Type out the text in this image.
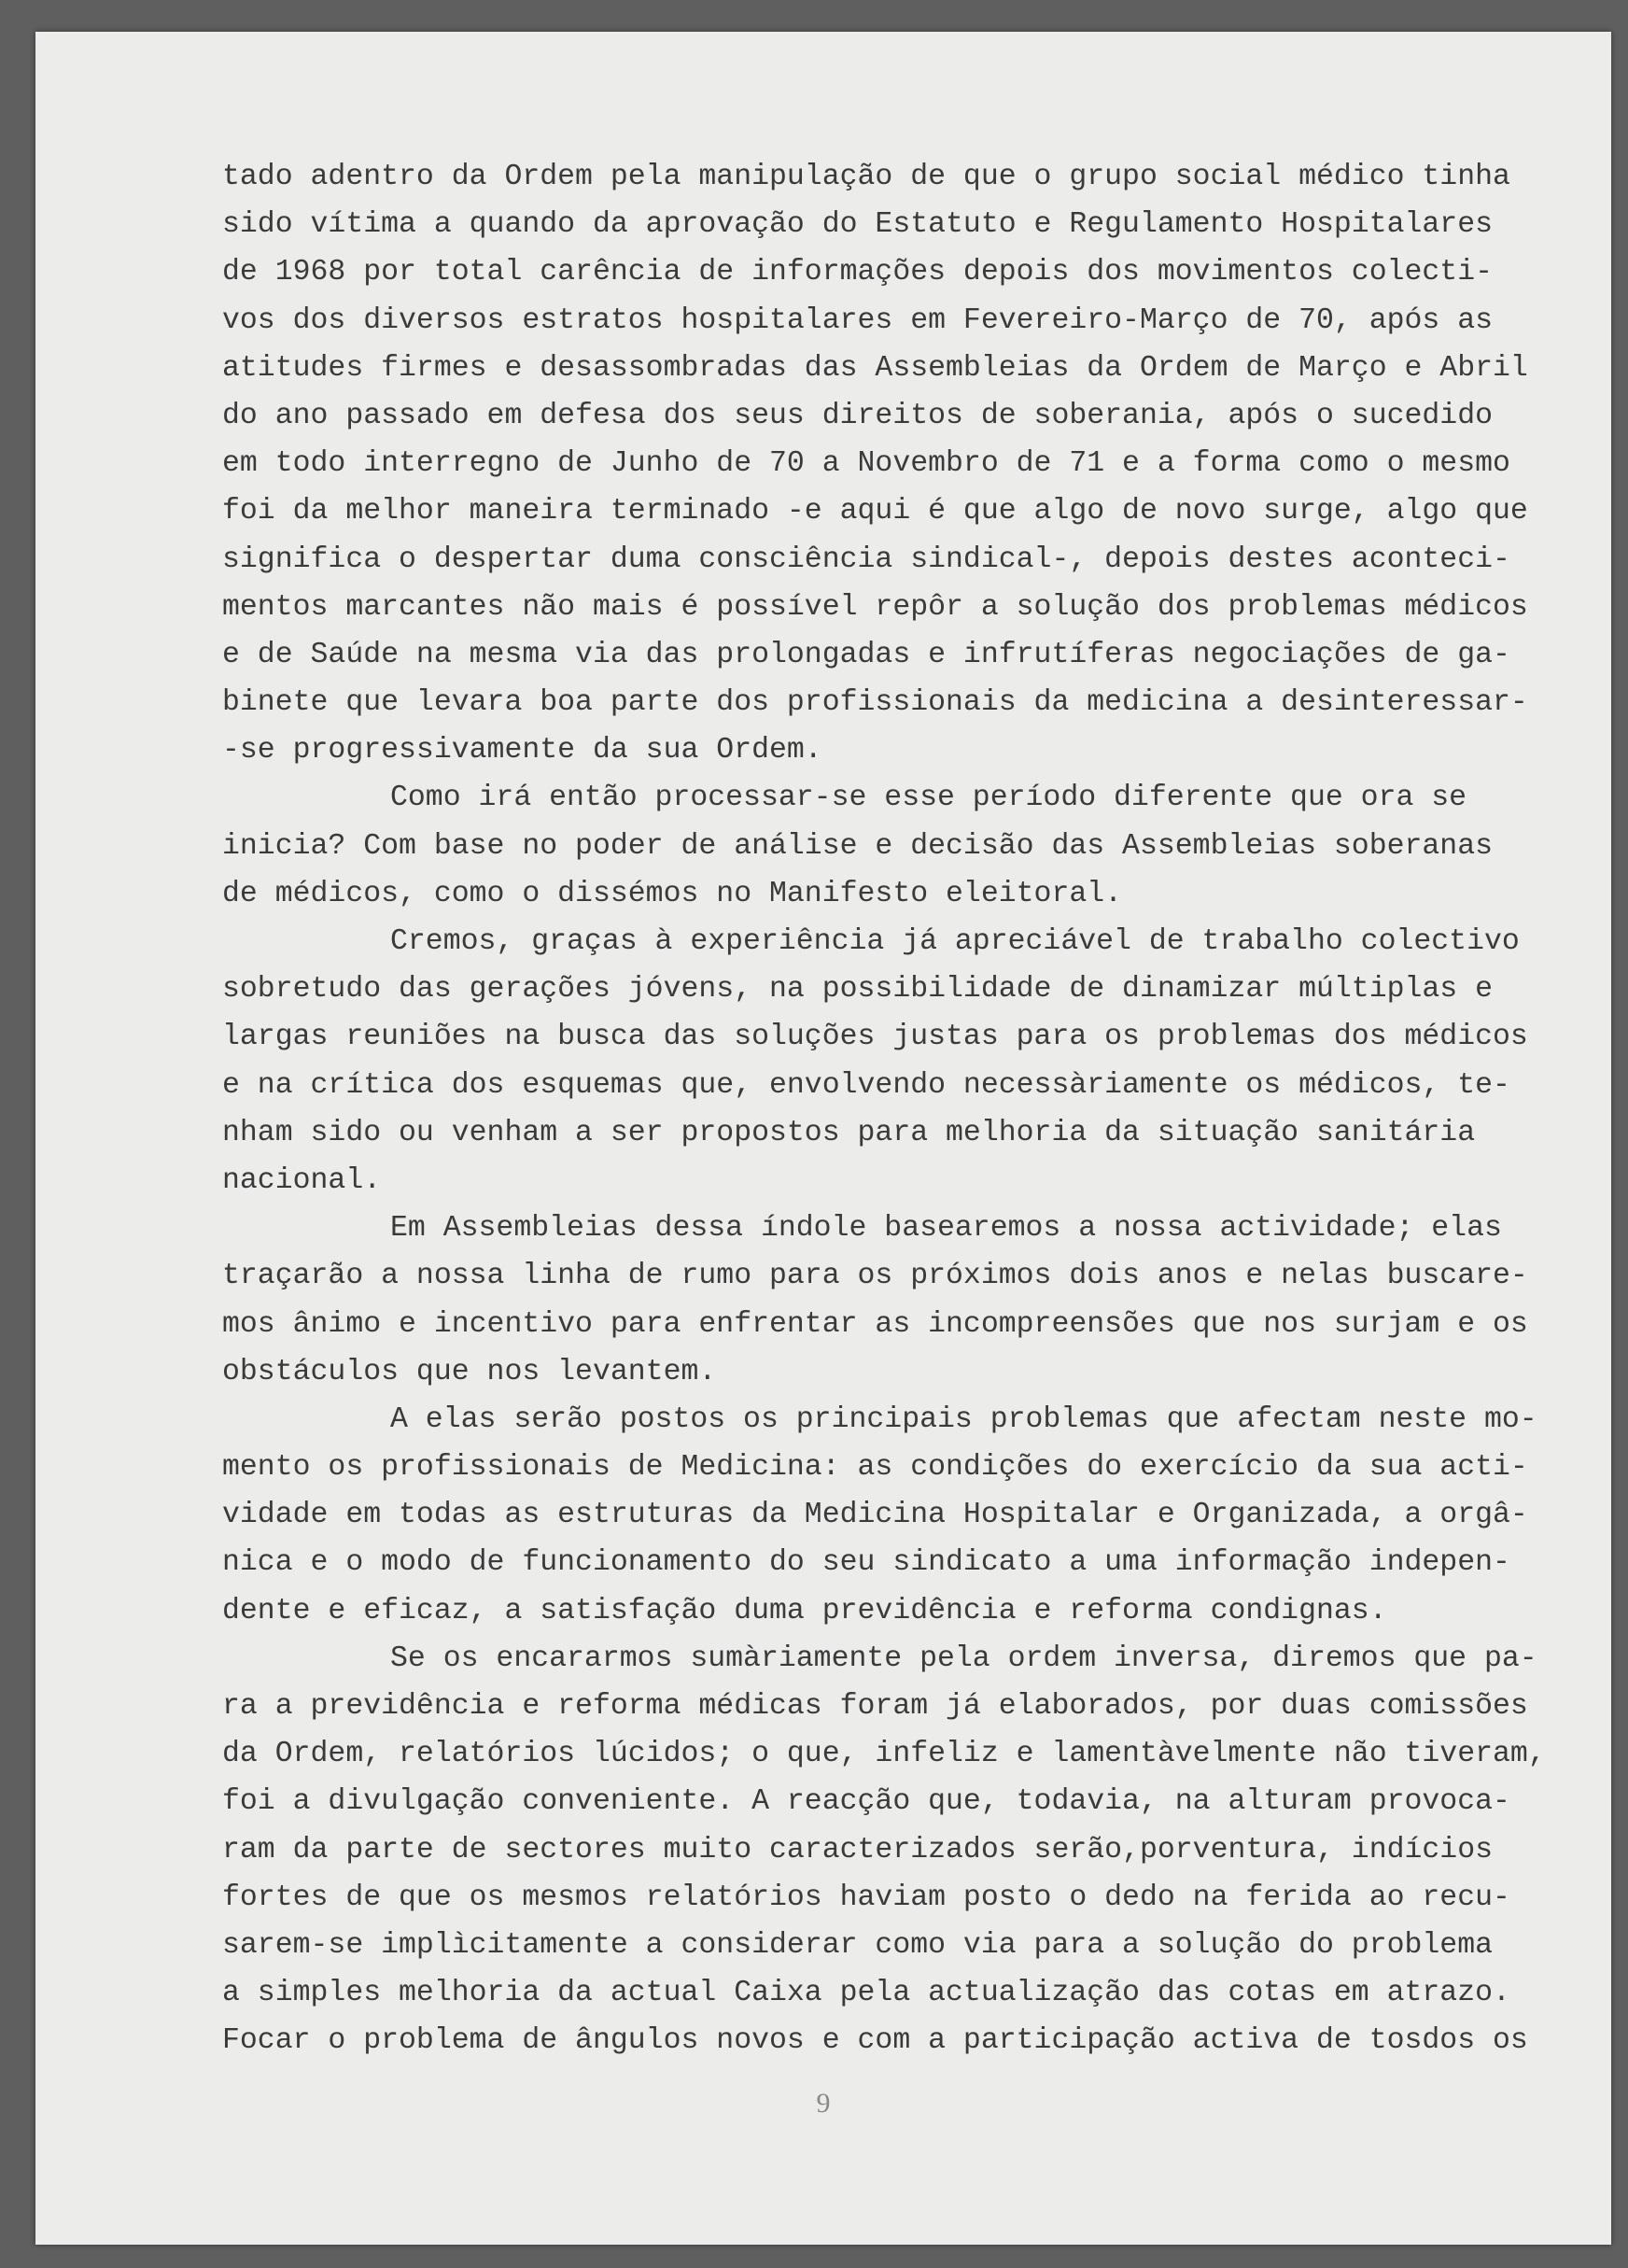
tado adentro da Ordem pela manipulação de que o grupo social médico tinha
sido vítima a quando da aprovação do Estatuto e Regulamento Hospitalares
de 1968 por total carência de informações depois dos movimentos colecti-
vos dos diversos estratos hospitalares em Fevereiro-Março de 70, após as
atitudes firmes e desassombradas das Assembleias da Ordem de Março e Abril
do ano passado em defesa dos seus direitos de soberania, após o sucedido
em todo interregno de Junho de 70 a Novembro de 71 e a forma como o mesmo
foi da melhor maneira terminado -e aqui é que algo de novo surge, algo que
significa o despertar duma consciência sindical-, depois destes aconteci-
mentos marcantes não mais é possível repôr a solução dos problemas médicos
e de Saúde na mesma via das prolongadas e infrutíferas negociações de ga-
binete que levara boa parte dos profissionais da medicina a desinteressar-
-se progressivamente da sua Ordem.
Como irá então processar-se esse período diferente que ora se
inicia? Com base no poder de análise e decisão das Assembleias soberanas
de médicos, como o dissémos no Manifesto eleitoral.
Cremos, graças à experiência já apreciável de trabalho colectivo
sobretudo das gerações jóvens, na possibilidade de dinamizar múltiplas e
largas reuniões na busca das soluções justas para os problemas dos médicos
e na crítica dos esquemas que, envolvendo necessàriamente os médicos, te-
nham sido ou venham a ser propostos para melhoria da situação sanitária
nacional.
Em Assembleias dessa índole basearemos a nossa actividade; elas
traçarão a nossa linha de rumo para os próximos dois anos e nelas buscare-
mos ânimo e incentivo para enfrentar as incompreensões que nos surjam e os
obstáculos que nos levantem.
A elas serão postos os principais problemas que afectam neste mo-
mento os profissionais de Medicina: as condições do exercício da sua acti-
vidade em todas as estruturas da Medicina Hospitalar e Organizada, a orgâ-
nica e o modo de funcionamento do seu sindicato a uma informação indepen-
dente e eficaz, a satisfação duma previdência e reforma condignas.
Se os encararmos sumàriamente pela ordem inversa, diremos que pa-
ra a previdência e reforma médicas foram já elaborados, por duas comissões
da Ordem, relatórios lúcidos; o que, infeliz e lamentàvelmente não tiveram,
foi a divulgação conveniente. A reacção que, todavia, na alturam provoca-
ram da parte de sectores muito caracterizados serão,porventura, indícios
fortes de que os mesmos relatórios haviam posto o dedo na ferida ao recu-
sarem-se implìcitamente a considerar como via para a solução do problema
a simples melhoria da actual Caixa pela actualização das cotas em atrazo.
Focar o problema de ângulos novos e com a participação activa de tosdos os
9
